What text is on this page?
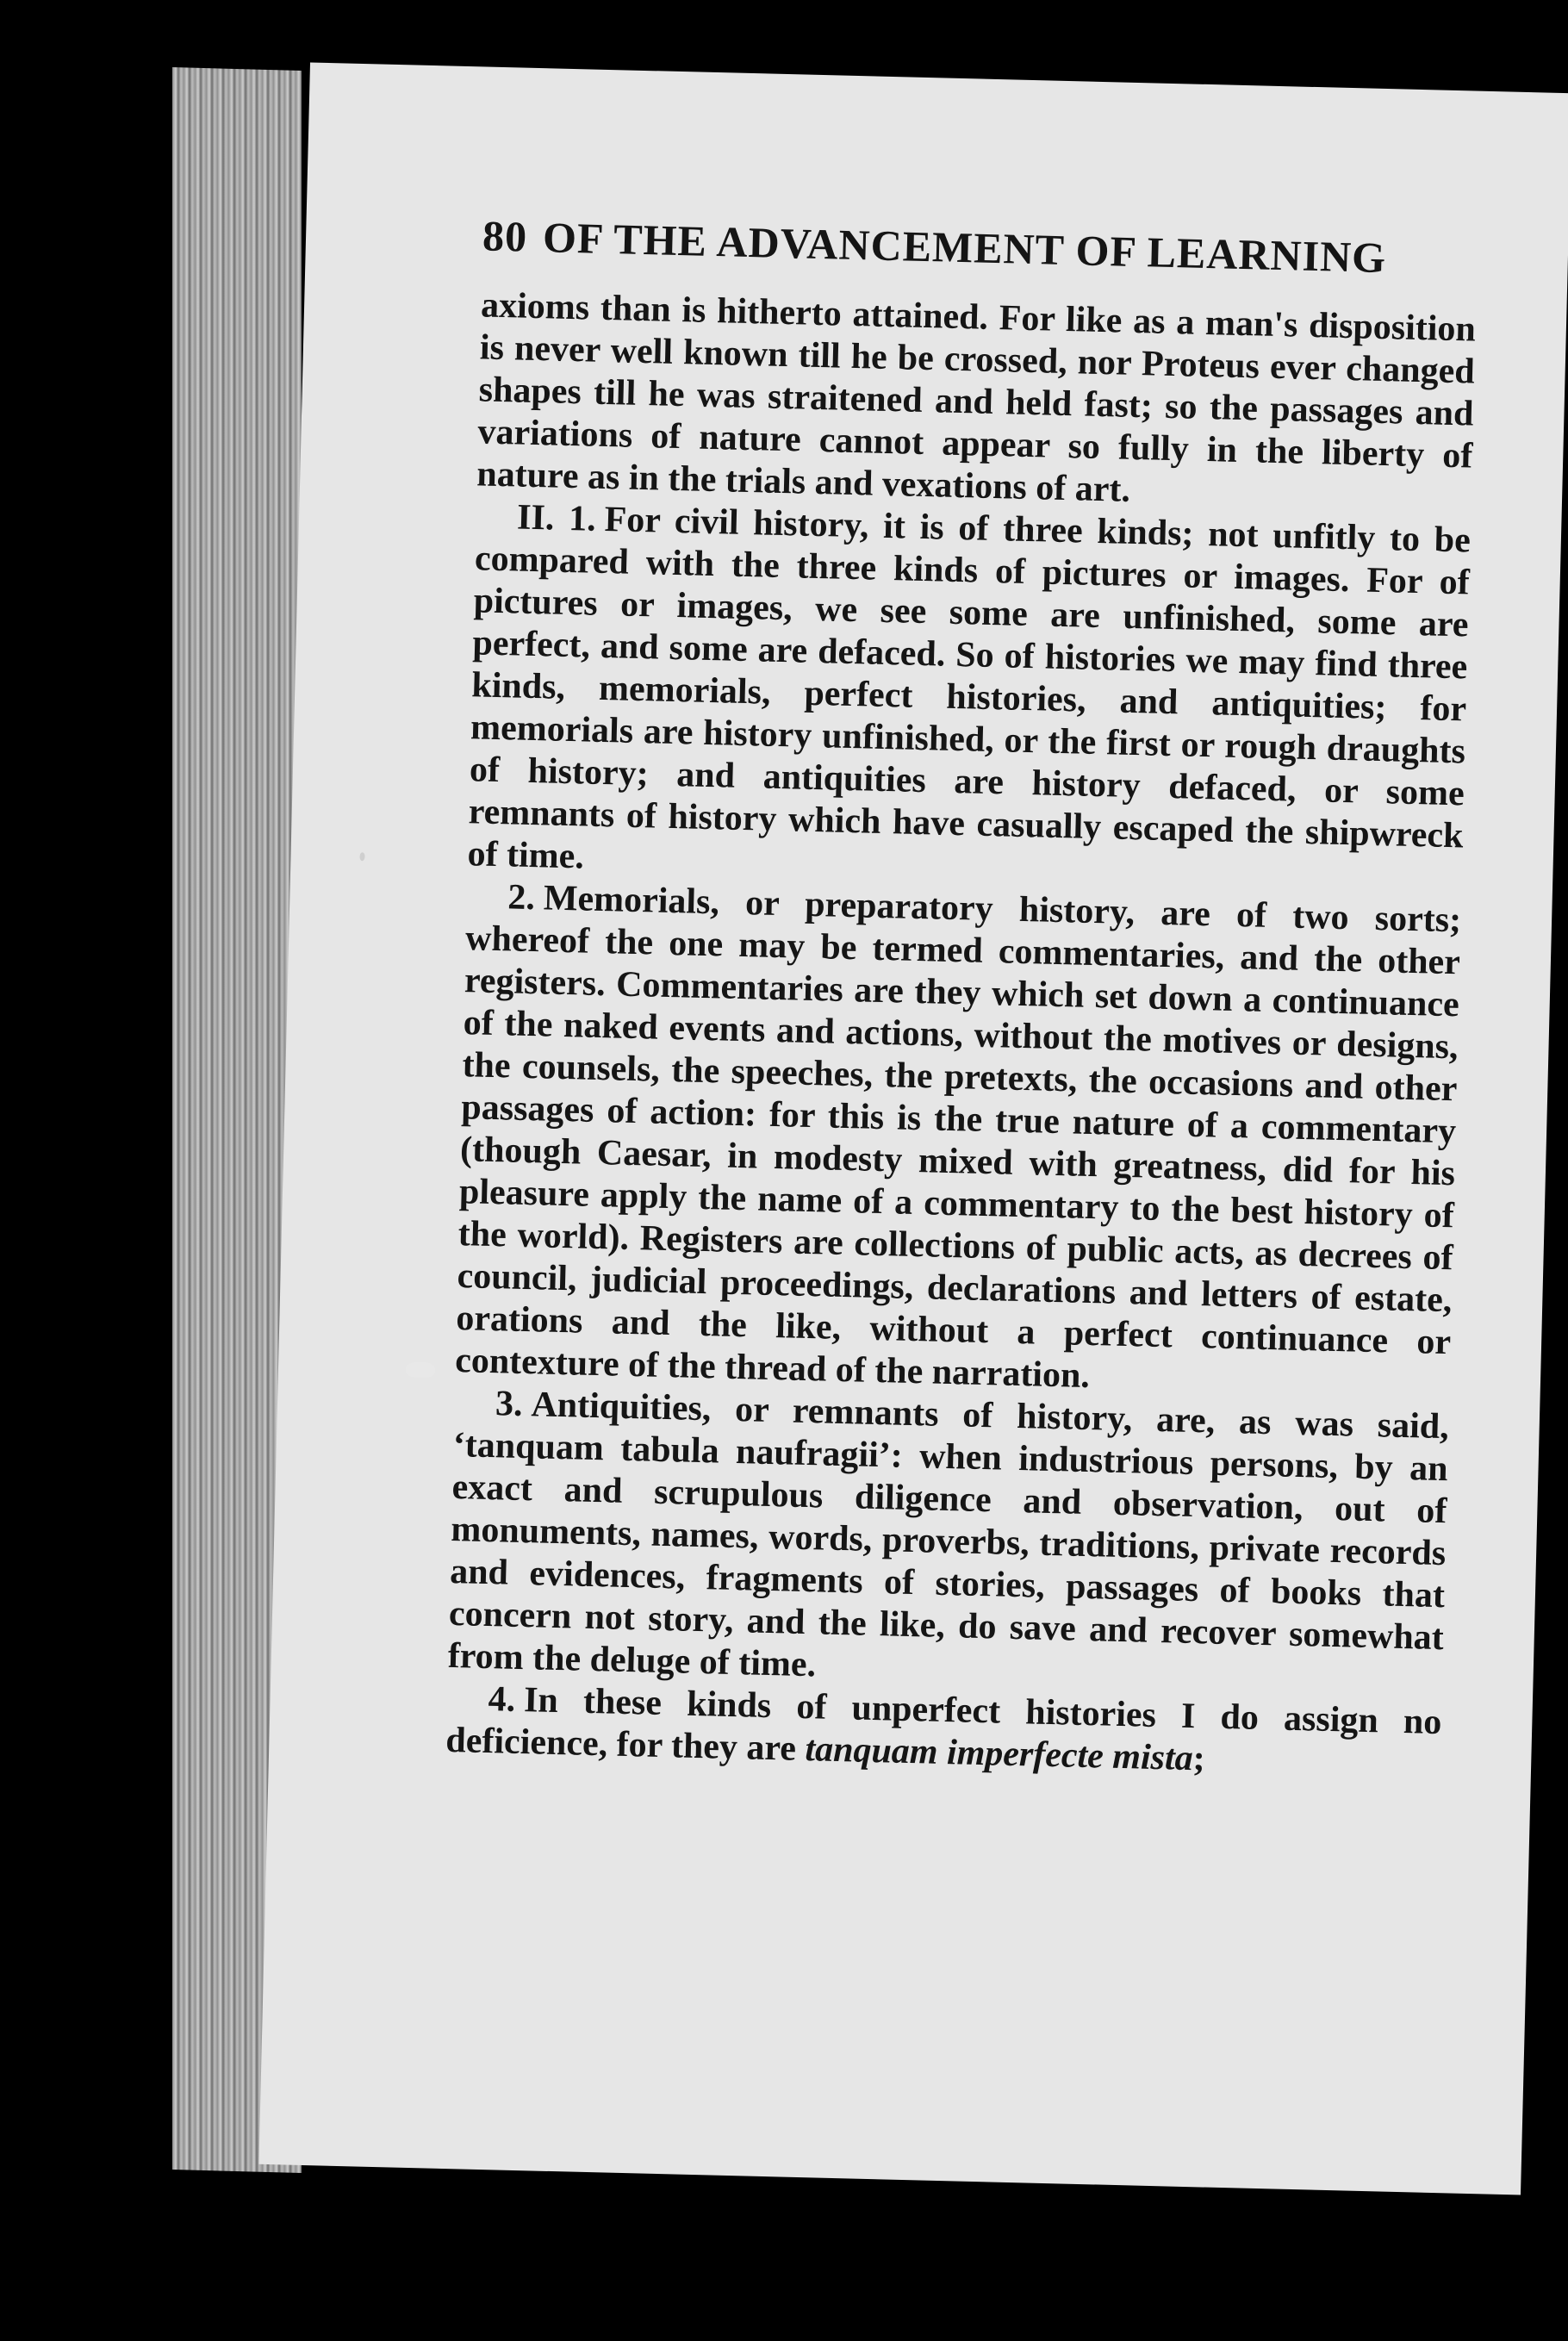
80 OF THE ADVANCEMENT OF LEARNING

axioms than is hitherto attained. For like as a man's disposition is never well known till he be crossed, nor Proteus ever changed shapes till he was straitened and held fast; so the passages and variations of nature cannot appear so fully in the liberty of nature as in the trials and vexations of art.

II. 1. For civil history, it is of three kinds; not unfitly to be compared with the three kinds of pictures or images. For of pictures or images, we see some are unfinished, some are perfect, and some are defaced. So of histories we may find three kinds, memorials, perfect histories, and antiquities; for memorials are history unfinished, or the first or rough draughts of history; and antiquities are history defaced, or some remnants of history which have casually escaped the shipwreck of time.

2. Memorials, or preparatory history, are of two sorts; whereof the one may be termed commentaries, and the other registers. Commentaries are they which set down a continuance of the naked events and actions, without the motives or designs, the counsels, the speeches, the pretexts, the occasions and other passages of action: for this is the true nature of a commentary (though Caesar, in modesty mixed with greatness, did for his pleasure apply the name of a commentary to the best history of the world). Registers are collections of public acts, as decrees of council, judicial proceedings, declarations and letters of estate, orations and the like, without a perfect continuance or contexture of the thread of the narration.

3. Antiquities, or remnants of history, are, as was said, ‘tanquam tabula naufragii’: when industrious persons, by an exact and scrupulous diligence and observation, out of monuments, names, words, proverbs, traditions, private records and evidences, fragments of stories, passages of books that concern not story, and the like, do save and recover somewhat from the deluge of time.

4. In these kinds of unperfect histories I do assign no deficience, for they are tanquam imperfecte mista;
